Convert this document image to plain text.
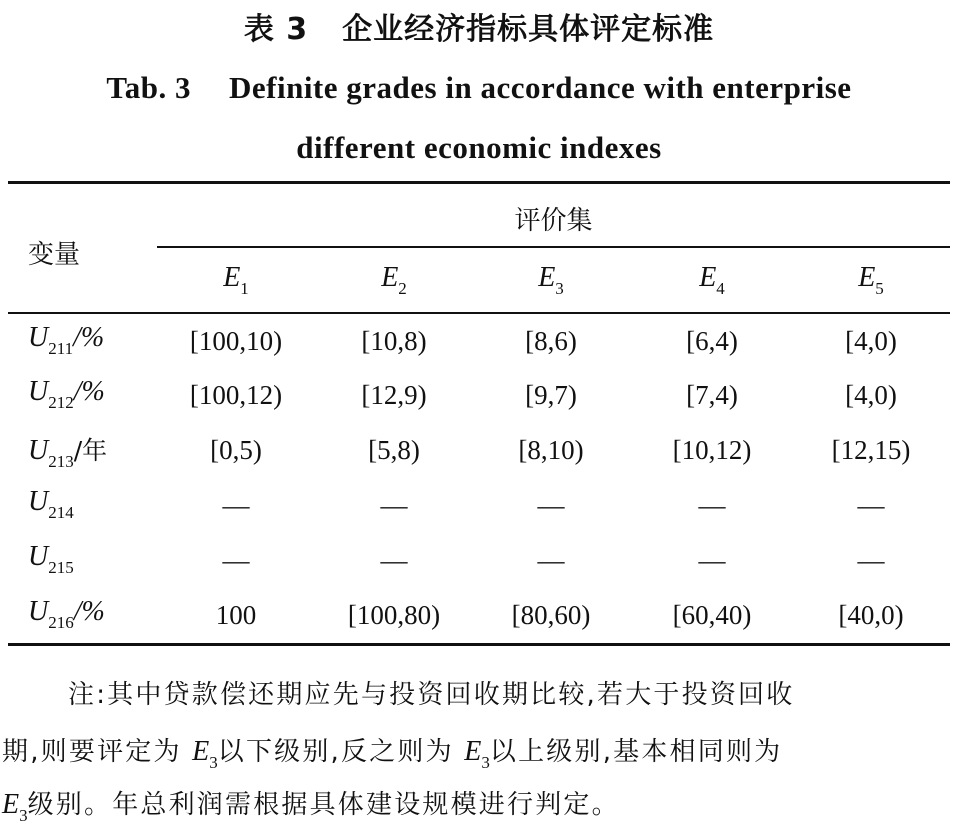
表 3 企业经济指标具体评定标准
Tab. 3 Definite grades in accordance with enterprise
different economic indexes
变量
评价集
$E_1$	$E_2$	$E_3$	$E_4$	$E_5$
$U_{211}/\%$	[100,10)	[10,8)	[8,6)	[6,4)	[4,0)
$U_{212}/\%$	[100,12)	[12,9)	[9,7)	[7,4)	[4,0)
$U_{213}/$年	[0,5)	[5,8)	[8,10)	[10,12)	[12,15)
$U_{214}$	—	—	—	—	—
$U_{215}$	—	—	—	—	—
$U_{216}/\%$	100	[100,80)	[80,60)	[60,40)	[40,0)
注:其中贷款偿还期应先与投资回收期比较,若大于投资回收
期,则要评定为 $E_3$以下级别,反之则为 $E_3$以上级别,基本相同则为
$E_3$级别。年总利润需根据具体建设规模进行判定。
